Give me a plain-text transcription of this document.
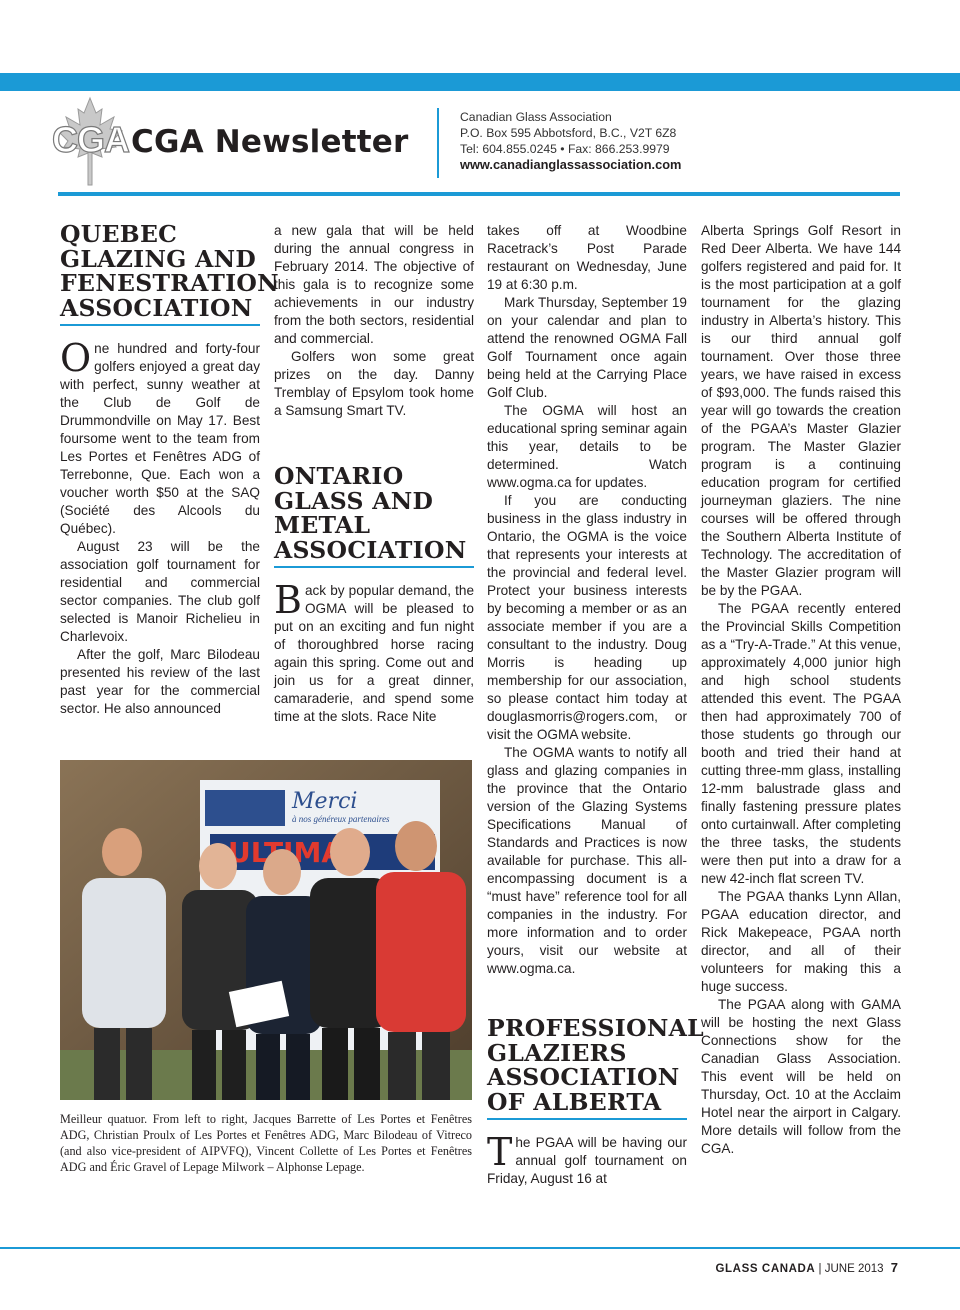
CGA CGA Newsletter
Canadian Glass Association
P.O. Box 595 Abbotsford, B.C., V2T 6Z8
Tel: 604.855.0245 • Fax: 866.253.9979
www.canadianglassassociation.com
QUEBEC GLAZING AND FENESTRATION ASSOCIATION

One hundred and forty-four golfers enjoyed a great day with perfect, sunny weather at the Club de Golf de Drummondville on May 17. Best foursome went to the team from Les Portes et Fenêtres ADG of Terrebonne, Que. Each won a voucher worth $50 at the SAQ (Société des Alcools du Québec).

August 23 will be the association golf tournament for residential and commercial sector companies. The club golf selected is Manoir Richelieu in Charlevoix.

After the golf, Marc Bilodeau presented his review of the last past year for the commercial sector. He also announced

a new gala that will be held during the annual congress in February 2014. The objective of this gala is to recognize some achievements in our industry from the both sectors, residential and commercial.

Golfers won some great prizes on the day. Danny Tremblay of Epsylom took home a Samsung Smart TV.

ONTARIO GLASS AND METAL ASSOCIATION

Back by popular demand, the OGMA will be pleased to put on an exciting and fun night of thoroughbred horse racing again this spring. Come out and join us for a great dinner, camaraderie, and spend some time at the slots. Race Nite

takes off at Woodbine Racetrack’s Post Parade restaurant on Wednesday, June 19 at 6:30 p.m.

Mark Thursday, September 19 on your calendar and plan to attend the renowned OGMA Fall Golf Tournament once again being held at the Carrying Place Golf Club.

The OGMA will host an educational spring seminar again this year, details to be determined. Watch www.ogma.ca for updates.

If you are conducting business in the glass industry in Ontario, the OGMA is the voice that represents your interests at the provincial and federal level. Protect your business interests by becoming a member or as an associate member if you are a consultant to the industry. Doug Morris is heading up membership for our association, so please contact him today at douglasmorris@rogers.com, or visit the OGMA website.

The OGMA wants to notify all glass and glazing companies in the province that the Ontario version of the Glazing Systems Specifications Manual of Standards and Practices is now available for purchase. This all-encompassing document is a “must have” reference tool for all companies in the industry. For more information and to order yours, visit our website at www.ogma.ca.

PROFESSIONAL GLAZIERS ASSOCIATION OF ALBERTA

The PGAA will be having our annual golf tournament on Friday, August 16 at

Alberta Springs Golf Resort in Red Deer Alberta. We have 144 golfers registered and paid for. It is the most participation at a golf tournament for the glazing industry in Alberta’s history. This is our third annual golf tournament. Over those three years, we have raised in excess of $93,000. The funds raised this year will go towards the creation of the PGAA’s Master Glazier program. The Master Glazier program is a continuing education program for certified journeyman glaziers. The nine courses will be offered through the Southern Alberta Institute of Technology. The accreditation of the Master Glazier program will be by the PGAA.

The PGAA recently entered the Provincial Skills Competition as a “Try-A-Trade.” At this venue, approximately 4,000 junior high and high school students attended this event. The PGAA then had approximately 700 of those students go through our booth and tried their hand at cutting three-mm glass, installing 12-mm balustrade glass and finally fastening pressure plates onto curtainwall. After completing the three tasks, the students were then put into a draw for a new 42-inch flat screen TV.

The PGAA thanks Lynn Allan, PGAA education director, and Rick Makepeace, PGAA north director, and all of their volunteers for making this a huge success.

The PGAA along with GAMA will be hosting the next Glass Connections show for the Canadian Glass Association. This event will be held on Thursday, Oct. 10 at the Acclaim Hotel near the airport in Calgary. More details will follow from the CGA.

Merci
à nos généreux partenaires
Meilleur quatuor. From left to right, Jacques Barrette of Les Portes et Fenêtres ADG, Christian Proulx of Les Portes et Fenêtres ADG, Marc Bilodeau of Vitreco (and also vice-president of AIPVFQ), Vincent Collette of Les Portes et Fenêtres ADG and Éric Gravel of Lepage Milwork – Alphonse Lepage.
GLASS CANADA | JUNE 2013 7
